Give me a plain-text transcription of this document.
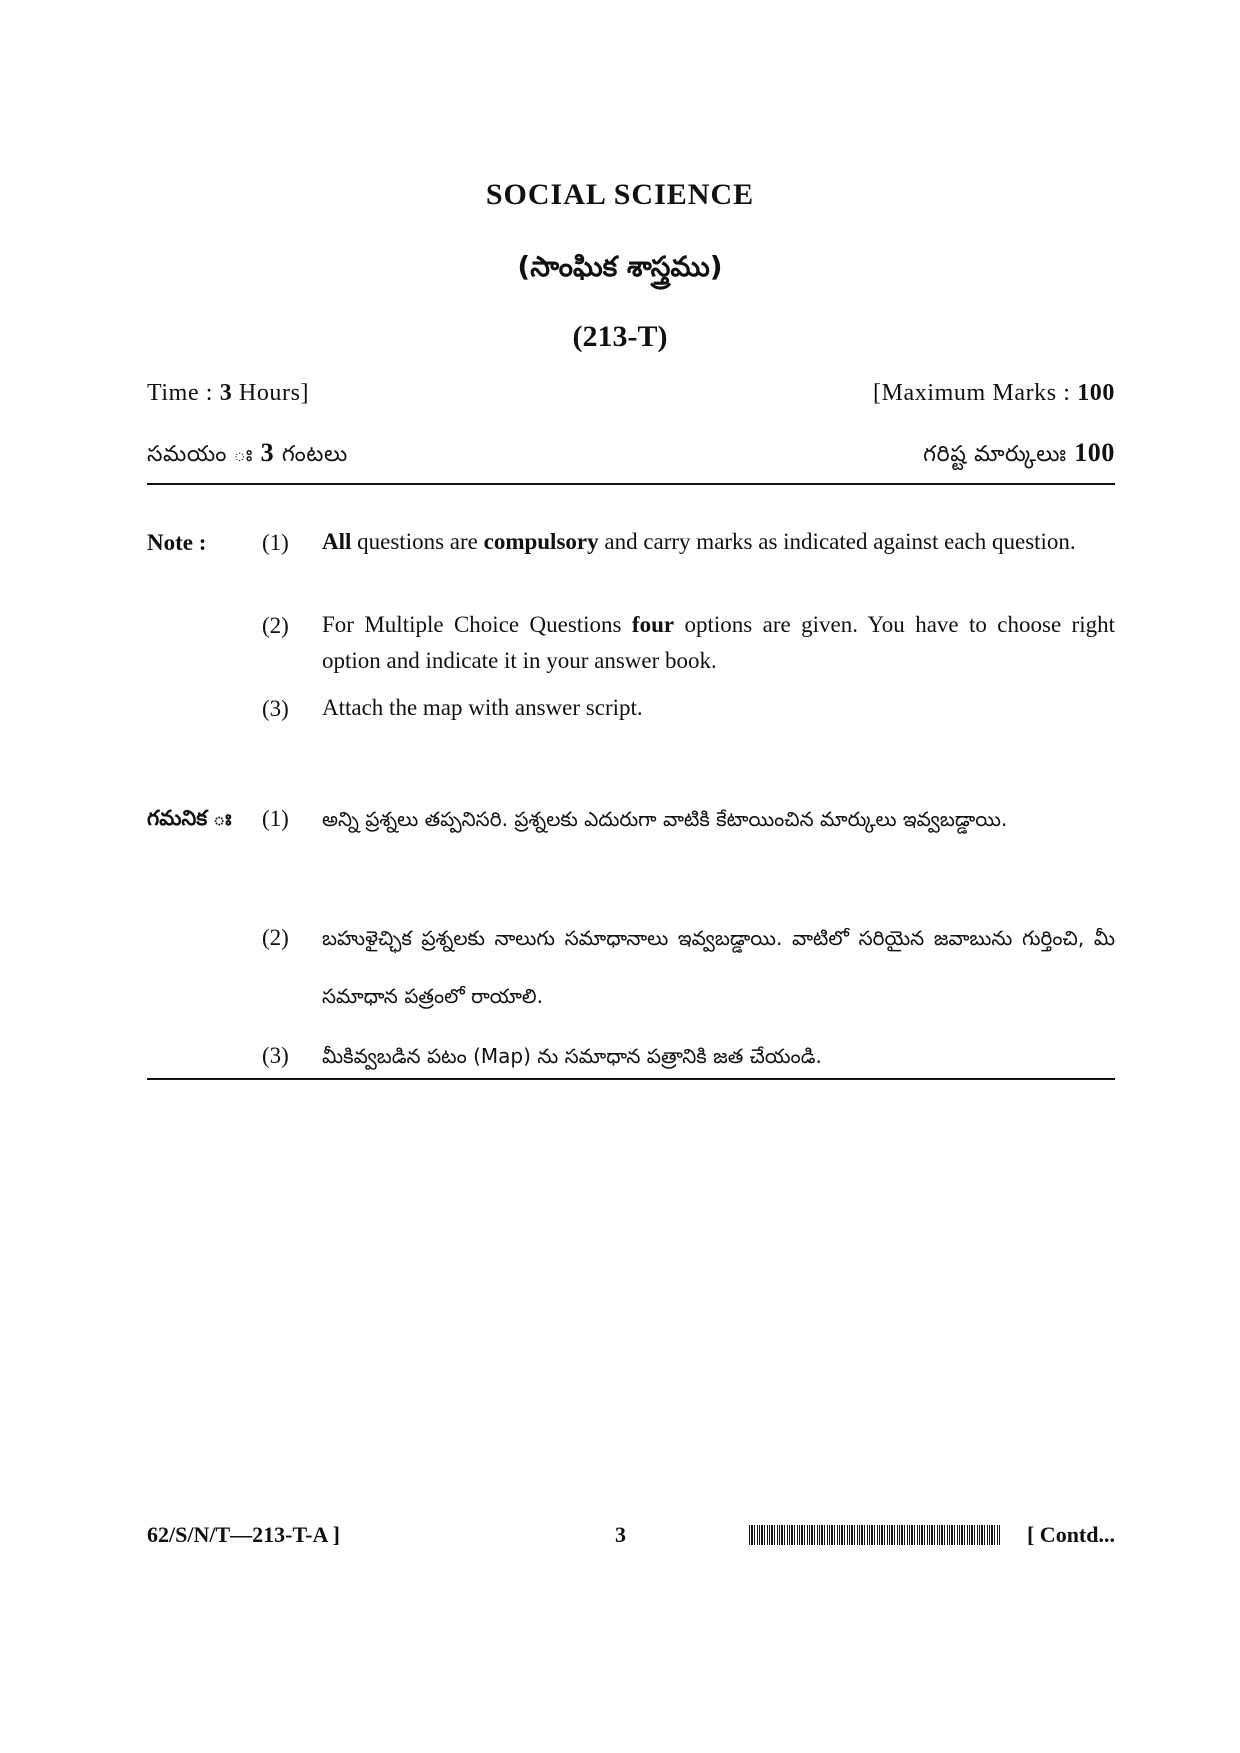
SOCIAL SCIENCE
(సాంఘిక శాస్త్రము)
(213-T)
Time : 3 Hours]	[Maximum Marks : 100
సమయం ః 3 గంటలు	గరిష్ట మార్కులుః 100
Note : (1)	All questions are compulsory and carry marks as indicated against each question.
(2)	For Multiple Choice Questions four options are given. You have to choose right option and indicate it in your answer book.
(3)	Attach the map with answer script.
గమనిక ః (1)	అన్ని ప్రశ్నలు తప్పనిసరి. ప్రశ్నలకు ఎదురుగా వాటికి కేటాయించిన మార్కులు ఇవ్వబడ్డాయి.
(2)	బహుళైచ్ఛిక ప్రశ్నలకు నాలుగు సమాధానాలు ఇవ్వబడ్డాయి. వాటిలో సరియైన జవాబును గుర్తించి, మీ సమాధాన పత్రంలో రాయాలి.
(3)	మీకివ్వబడిన పటం (Map) ను సమాధాన పత్రానికి జత చేయండి.
62/S/N/T—213-T-A ]	3	[ Contd...
